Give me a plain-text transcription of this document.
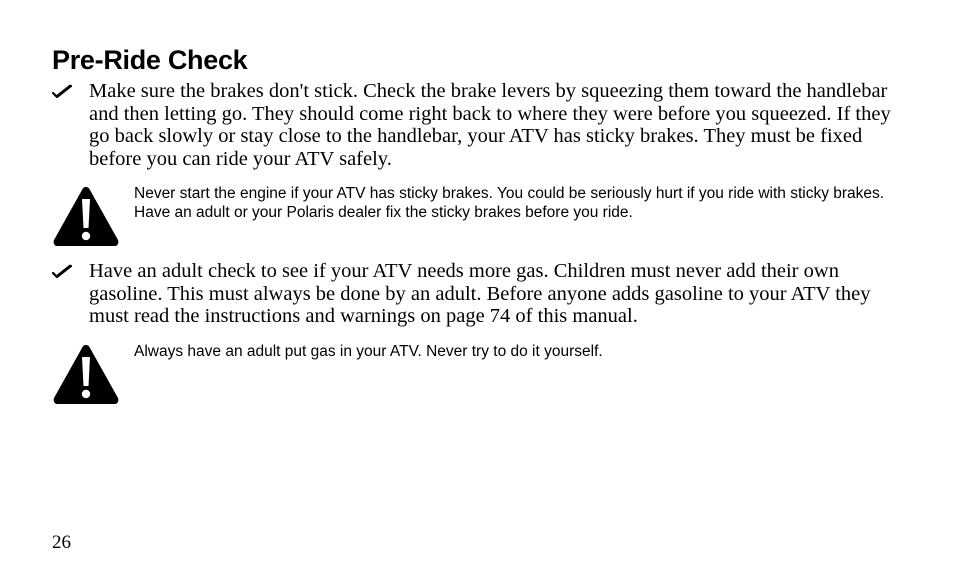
Pre-Ride Check
Make sure the brakes don't stick. Check the brake levers by squeezing them toward the handlebar and then letting go. They should come right back to where they were before you squeezed. If they go back slowly or stay close to the handlebar, your ATV has sticky brakes. They must be fixed before you can ride your ATV safely.
Never start the engine if your ATV has sticky brakes. You could be seriously hurt if you ride with sticky brakes. Have an adult or your Polaris dealer fix the sticky brakes before you ride.
Have an adult check to see if your ATV needs more gas. Children must never add their own gasoline. This must always be done by an adult. Before anyone adds gasoline to your ATV they must read the instructions and warnings on page 74 of this manual.
Always have an adult put gas in your ATV. Never try to do it yourself.
26
